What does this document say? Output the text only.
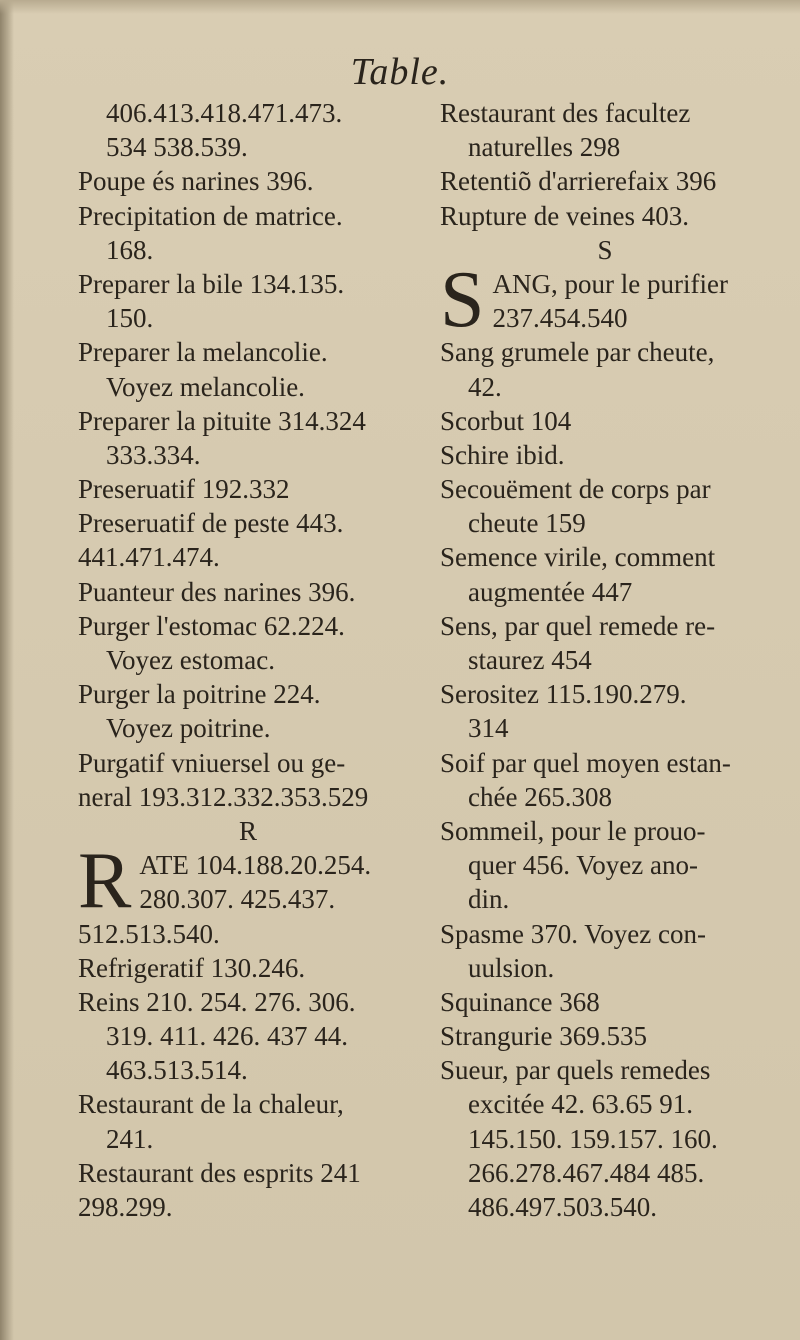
Table.
406.413.418.471.473.
534 538.539.
Poupe és narines 396.
Precipitation de matrice.
168.
Preparer la bile 134.135.
150.
Preparer la melancolie.
Voyez melancolie.
Preparer la pituite 314.324
333.334.
Preseruatif 192.332
Preseruatif de peste 443.
441.471.474.
Puanteur des narines 396.
Purger l'estomac 62.224.
Voyez estomac.
Purger la poitrine 224.
Voyez poitrine.
Purgatif vniuersel ou ge-
neral 193.312.332.353.529
R
R ATE 104.188.20.254.
280.307. 425.437.
512.513.540.
Refrigeratif 130.246.
Reins 210. 254. 276. 306.
319. 411. 426. 437 44.
463.513.514.
Restaurant de la chaleur,
241.
Restaurant des esprits 241
298.299.
Restaurant des facultez
naturelles 298
Retentiõ d'arrierefaix 396
Rupture de veines 403.
S
S ANG, pour le purifier
237.454.540
Sang grumele par cheute,
42.
Scorbut 104
Schire ibid.
Secouëment de corps par
cheute 159
Semence virile, comment
augmentée 447
Sens, par quel remede re-
staurez 454
Serositez 115.190.279.
314
Soif par quel moyen estan-
chée 265.308
Sommeil, pour le prouo-
quer 456. Voyez ano-
din.
Spasme 370. Voyez con-
uulsion.
Squinance 368
Strangurie 369.535
Sueur, par quels remedes
excitée 42. 63.65 91.
145.150. 159.157. 160.
266.278.467.484 485.
486.497.503.540.
